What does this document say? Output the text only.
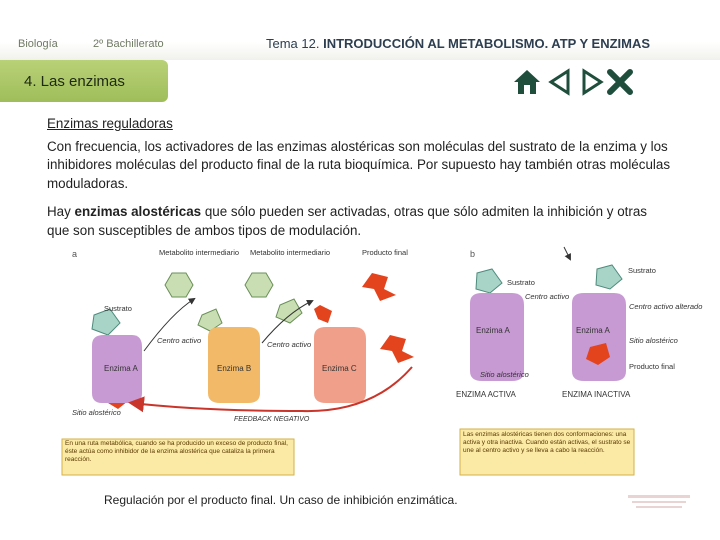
Biología	2º Bachillerato	Tema 12. INTRODUCCIÓN AL METABOLISMO. ATP Y ENZIMAS
4. Las enzimas
Enzimas reguladoras
Con frecuencia, los activadores de las enzimas alostéricas son moléculas del sustrato de la enzima y los inhibidores moléculas del producto final de la ruta bioquímica. Por supuesto hay también otras moléculas moduladoras.
Hay enzimas alostéricas que sólo pueden ser activadas, otras que sólo admiten la inhibición y otras que son susceptibles de ambos tipos de modulación.
a	Metabolito intermediario Metabolito intermediario	Producto final
Sustrato
Centro activo	Centro activo
Enzima A	Enzima B	Enzima C
Sitio alostérico
FEEDBACK NEGATIVO
En una ruta metabólica, cuando se ha producido un exceso de producto final, éste actúa como inhibidor de la enzima alostérica que cataliza la primera reacción.
b
Sustrato
Centro activo
Sustrato
Centro activo alterado
Enzima A	Enzima A
Sitio alostérico
Producto final
Sitio alostérico
ENZIMA ACTIVA	ENZIMA INACTIVA
Las enzimas alostéricas tienen dos conformaciones: una activa y otra inactiva. Cuando están activas, el sustrato se une al centro activo y se lleva a cabo la reacción.
Regulación por el producto final. Un caso de inhibición enzimática.
